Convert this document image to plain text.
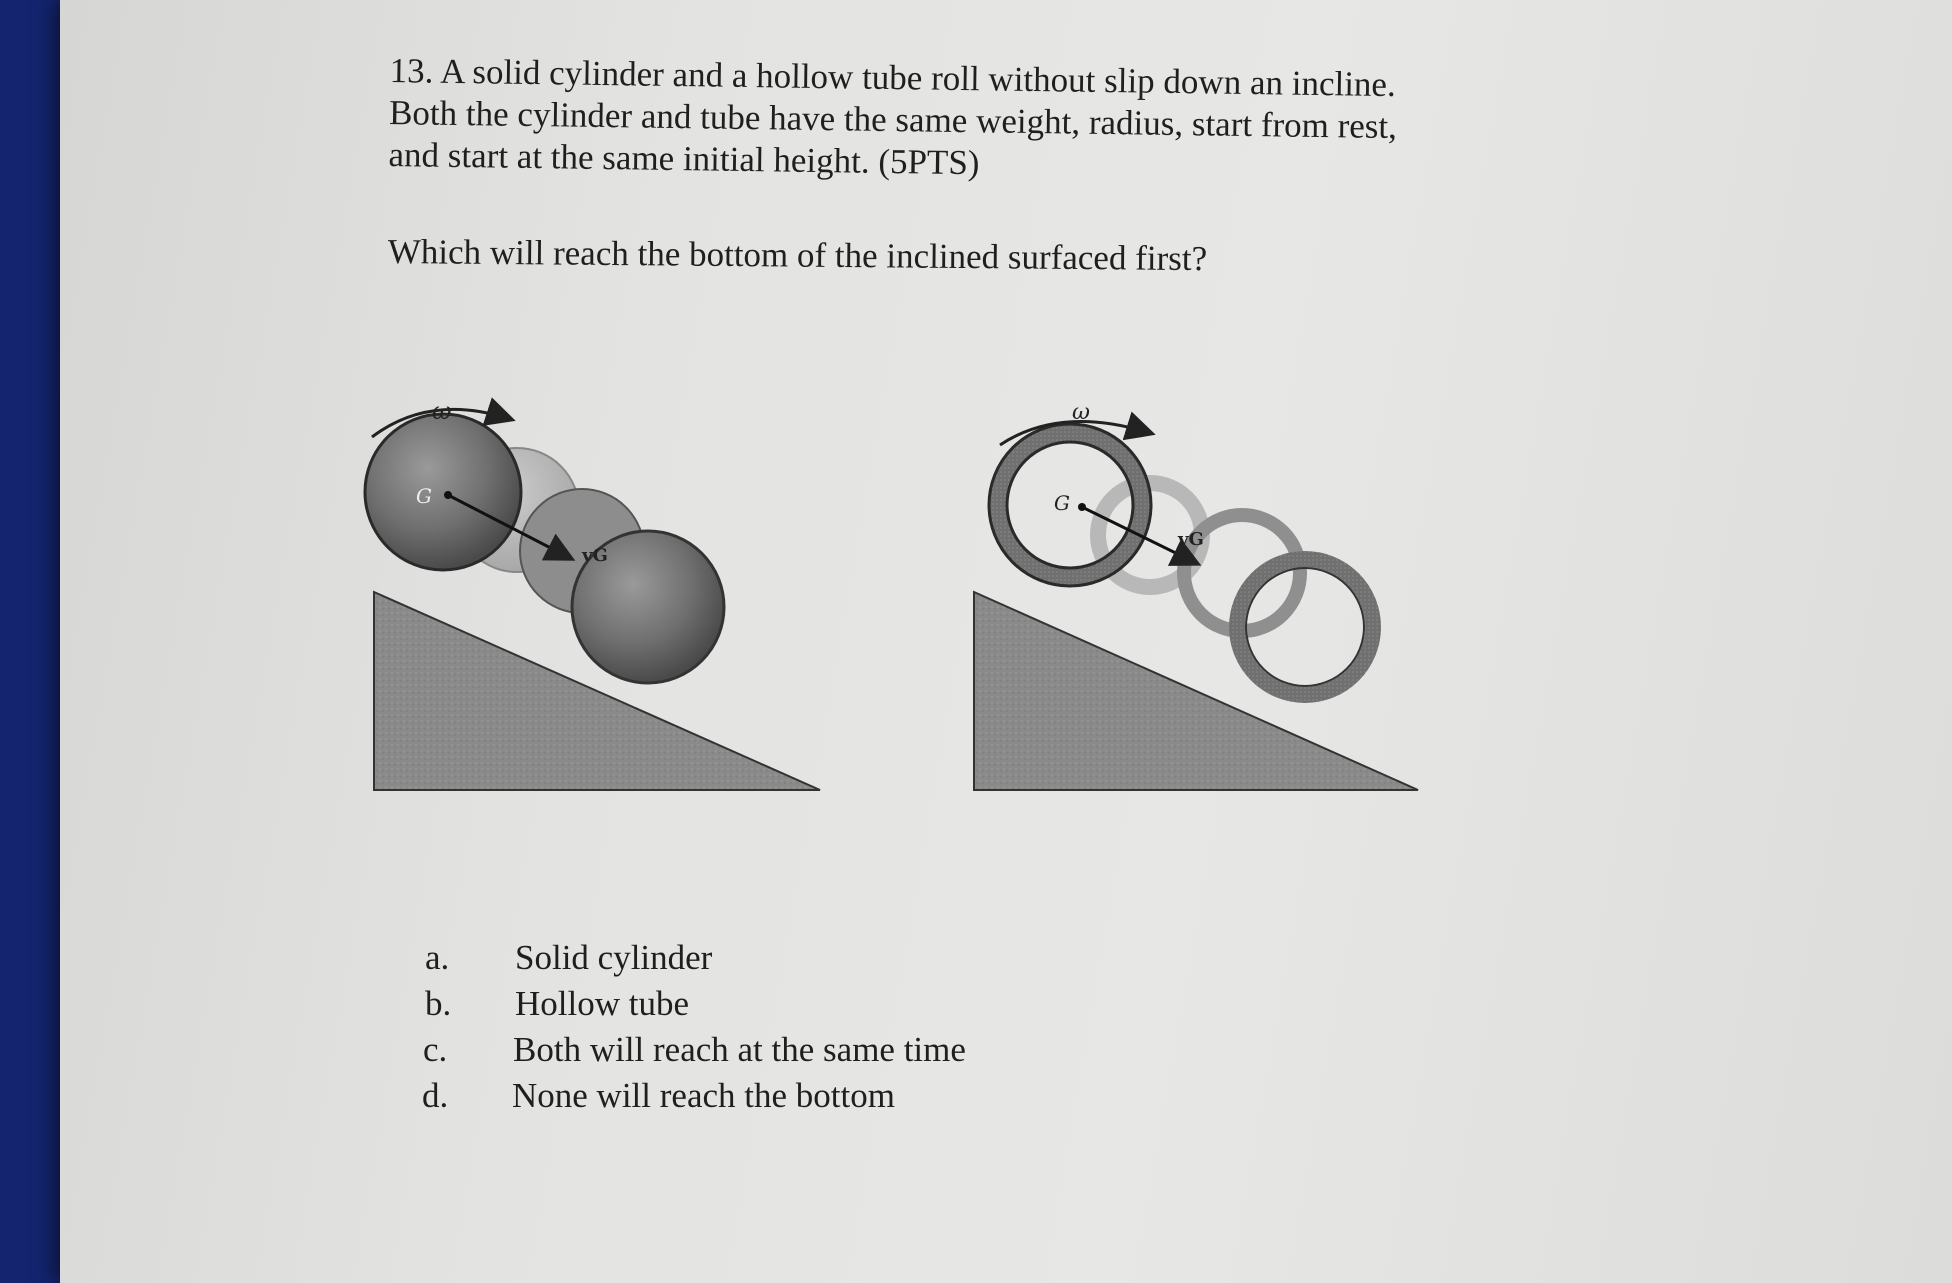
13. A solid cylinder and a hollow tube roll without slip down an incline.
Both the cylinder and tube have the same weight, radius, start from rest,
and start at the same initial height. (5PTS)
Which will reach the bottom of the inclined surfaced first?
ω
G
vG
ω
G
vG
a.	Solid cylinder
b.	Hollow tube
c.	Both will reach at the same time
d.	None will reach the bottom
